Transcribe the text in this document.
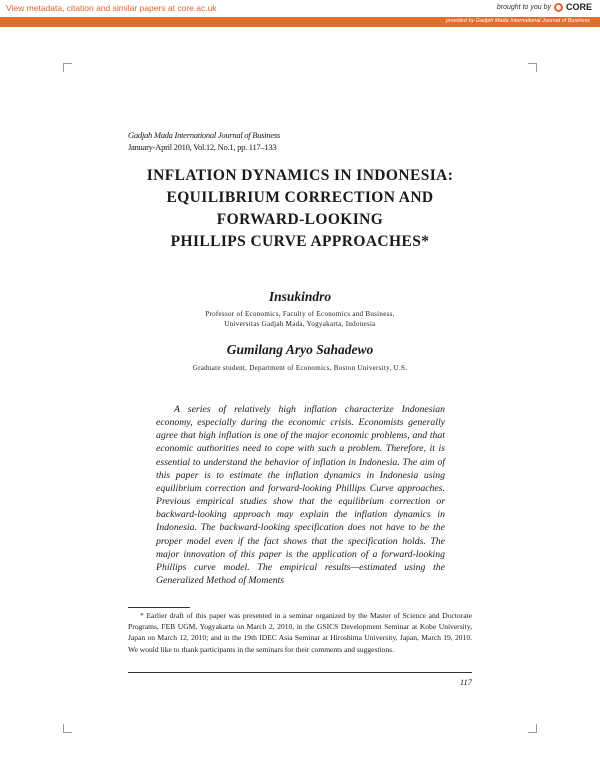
View metadata, citation and similar papers at core.ac.uk	brought to you by CORE
provided by Gadjah Mada International Journal of Business
Gadjah Mada International Journal of Business
January-April 2010, Vol.12, No.1, pp. 117–133
INFLATION DYNAMICS IN INDONESIA:
EQUILIBRIUM CORRECTION AND
FORWARD-LOOKING
PHILLIPS CURVE APPROACHES*
Insukindro
Professor of Economics, Faculty of Economics and Business,
Universitas Gadjah Mada, Yogyakarta, Indonesia
Gumilang Aryo Sahadewo
Graduate student, Department of Economics, Boston University, U.S.

A series of relatively high inflation characterize Indonesian economy, especially during the economic crisis. Economists generally agree that high inflation is one of the major economic problems, and that economic authorities need to cope with such a problem. Therefore, it is essential to understand the behavior of inflation in Indonesia. The aim of this paper is to estimate the inflation dynamics in Indonesia using equilibrium correction and forward-looking Phillips Curve approaches. Previous empirical studies show that the equilibrium correction or backward-looking approach may explain the inflation dynamics in Indonesia. The backward-looking specification does not have to be the proper model even if the fact shows that the specification holds. The major innovation of this paper is the application of a forward-looking Phillips curve model. The empirical results—estimated using the Generalized Method of Moments

* Earlier draft of this paper was presented in a seminar organized by the Master of Science and Doctorate Programs, FEB UGM, Yogyakarta on March 2, 2010, in the GSICS Development Seminar at Kobe University, Japan on March 12, 2010; and in the 19th IDEC Asia Seminar at Hiroshima University, Japan, March 19, 2010. We would like to thank participants in the seminars for their comments and suggestions.

117
